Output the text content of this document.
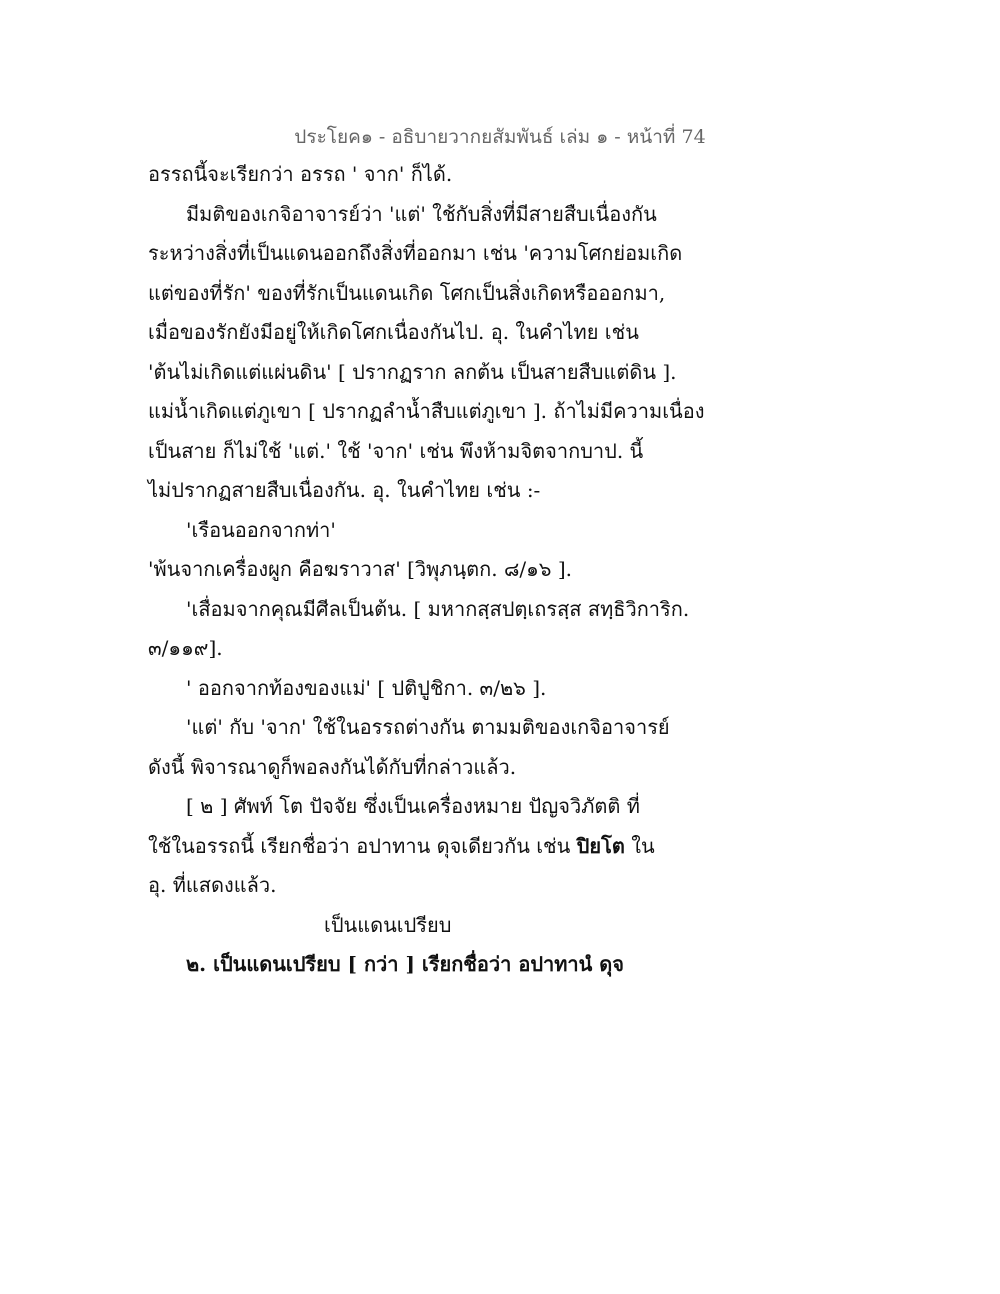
ประโยค๑ - อธิบายวากยสัมพันธ์ เล่ม ๑ - หน้าที่ 74
อรรถนี้จะเรียกว่า อรรถ ' จาก' ก็ได้.
มีมติของเกจิอาจารย์ว่า 'แต่' ใช้กับสิ่งที่มีสายสืบเนื่องกัน
ระหว่างสิ่งที่เป็นแดนออกถึงสิ่งที่ออกมา เช่น 'ความโศกย่อมเกิด
แต่ของที่รัก' ของที่รักเป็นแดนเกิด โศกเป็นสิ่งเกิดหรือออกมา,
เมื่อของรักยังมีอยู่ให้เกิดโศกเนื่องกันไป. อุ. ในคำไทย เช่น
'ต้นไม่เกิดแต่แผ่นดิน' [ ปรากฏราก ลกต้น เป็นสายสืบแต่ดิน ].
แม่น้ำเกิดแต่ภูเขา [ ปรากฏลำน้ำสืบแต่ภูเขา ]. ถ้าไม่มีความเนื่อง
เป็นสาย ก็ไม่ใช้ 'แต่.' ใช้ 'จาก' เช่น พึงห้ามจิตจากบาป. นี้
ไม่ปรากฏสายสืบเนื่องกัน. อุ. ในคำไทย เช่น :-
'เรือนออกจากท่า'
'พ้นจากเครื่องผูก คือฆราวาส' [วิพุภนฺตก. ๘/๑๖ ].
'เสื่อมจากคุณมีศีลเป็นต้น. [ มหากสฺสปตฺเถรสฺส สทฺธิวิการิก.
๓/๑๑๙].
' ออกจากท้องของแม่' [ ปติปูชิกา. ๓/๒๖ ].
'แต่' กับ 'จาก' ใช้ในอรรถต่างกัน ตามมติของเกจิอาจารย์
ดังนี้ พิจารณาดูก็พอลงกันได้กับที่กล่าวแล้ว.
[ ๒ ] ศัพท์ โต ปัจจัย ซึ่งเป็นเครื่องหมาย ปัญจวิภัตติ ที่
ใช้ในอรรถนี้ เรียกชื่อว่า อปาทาน ดุจเดียวกัน เช่น ปิยโต ใน
อุ. ที่แสดงแล้ว.
เป็นแดนเปรียบ
๒. เป็นแดนเปรียบ [ กว่า ] เรียกชื่อว่า อปาทานํ ดุจ
